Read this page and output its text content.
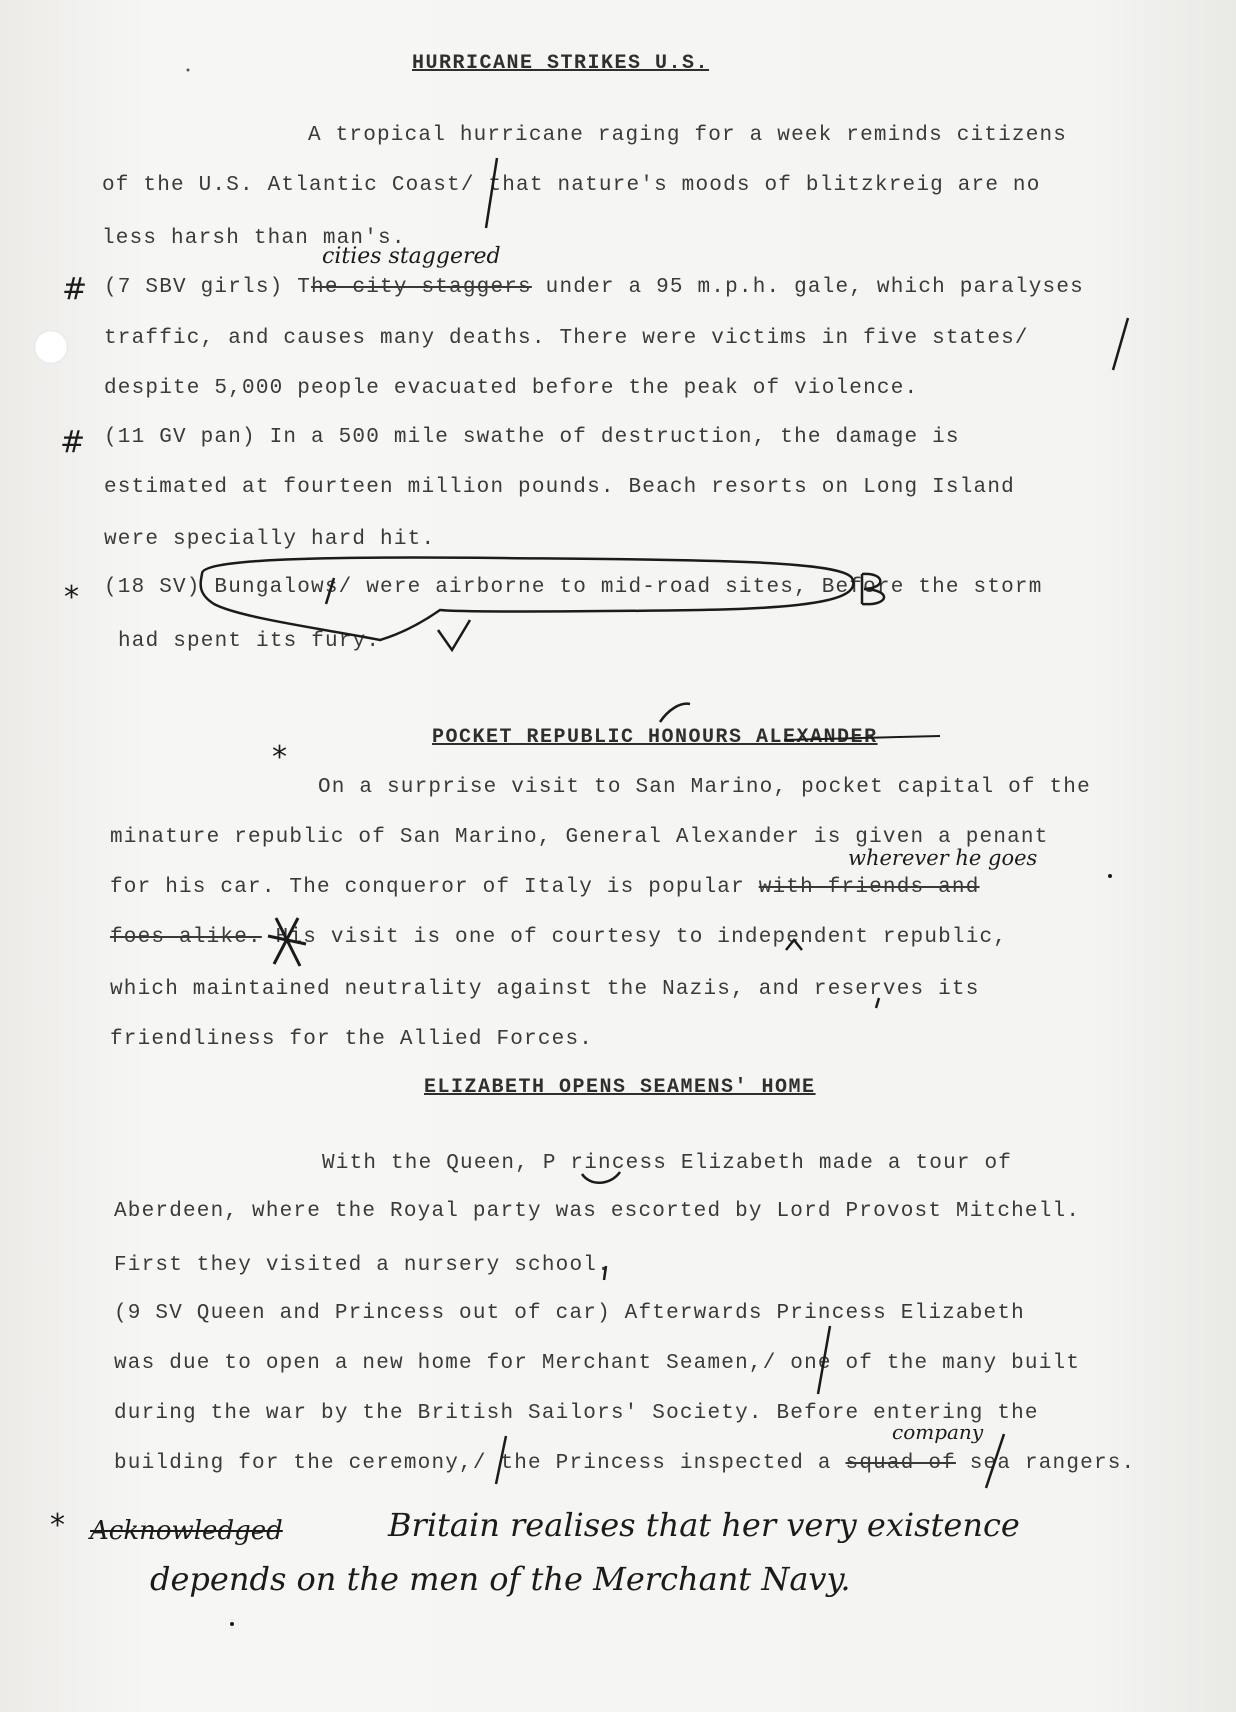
HURRICANE STRIKES U.S.
A tropical hurricane raging for a week reminds citizens
of the U.S. Atlantic Coast/ that nature's moods of blitzkreig are no
less harsh than man's.
cities staggered
# (7 SBV girls) The city staggers under a 95 m.p.h. gale, which paralyses
traffic, and causes many deaths. There were victims in five states/
despite 5,000 people evacuated before the peak of violence.
# (11 GV pan) In a 500 mile swathe of destruction, the damage is
estimated at fourteen million pounds. Beach resorts on Long Island
were specially hard hit.
* (18 SV) Bungalows/ were airborne to mid-road sites, Before the storm
had spent its fury.
POCKET REPUBLIC HONOURS ALEXANDER
*
On a surprise visit to San Marino, pocket capital of the
minature republic of San Marino, General Alexander is given a penant
wherever he goes
for his car. The conqueror of Italy is popular with friends and
foes alike. His visit is one of courtesy to independent republic,
which maintained neutrality against the Nazis, and reserves its
friendliness for the Allied Forces.
ELIZABETH OPENS SEAMENS' HOME
With the Queen, P rincess Elizabeth made a tour of
Aberdeen, where the Royal party was escorted by Lord Provost Mitchell.
First they visited a nursery school.
(9 SV Queen and Princess out of car) Afterwards Princess Elizabeth
was due to open a new home for Merchant Seamen,/ one of the many built
during the war by the British Sailors' Society. Before entering the
company
building for the ceremony,/ the Princess inspected a squad of sea rangers.
* Acknowledged	Britain realises that her very existence
depends on the men of the Merchant Navy.
